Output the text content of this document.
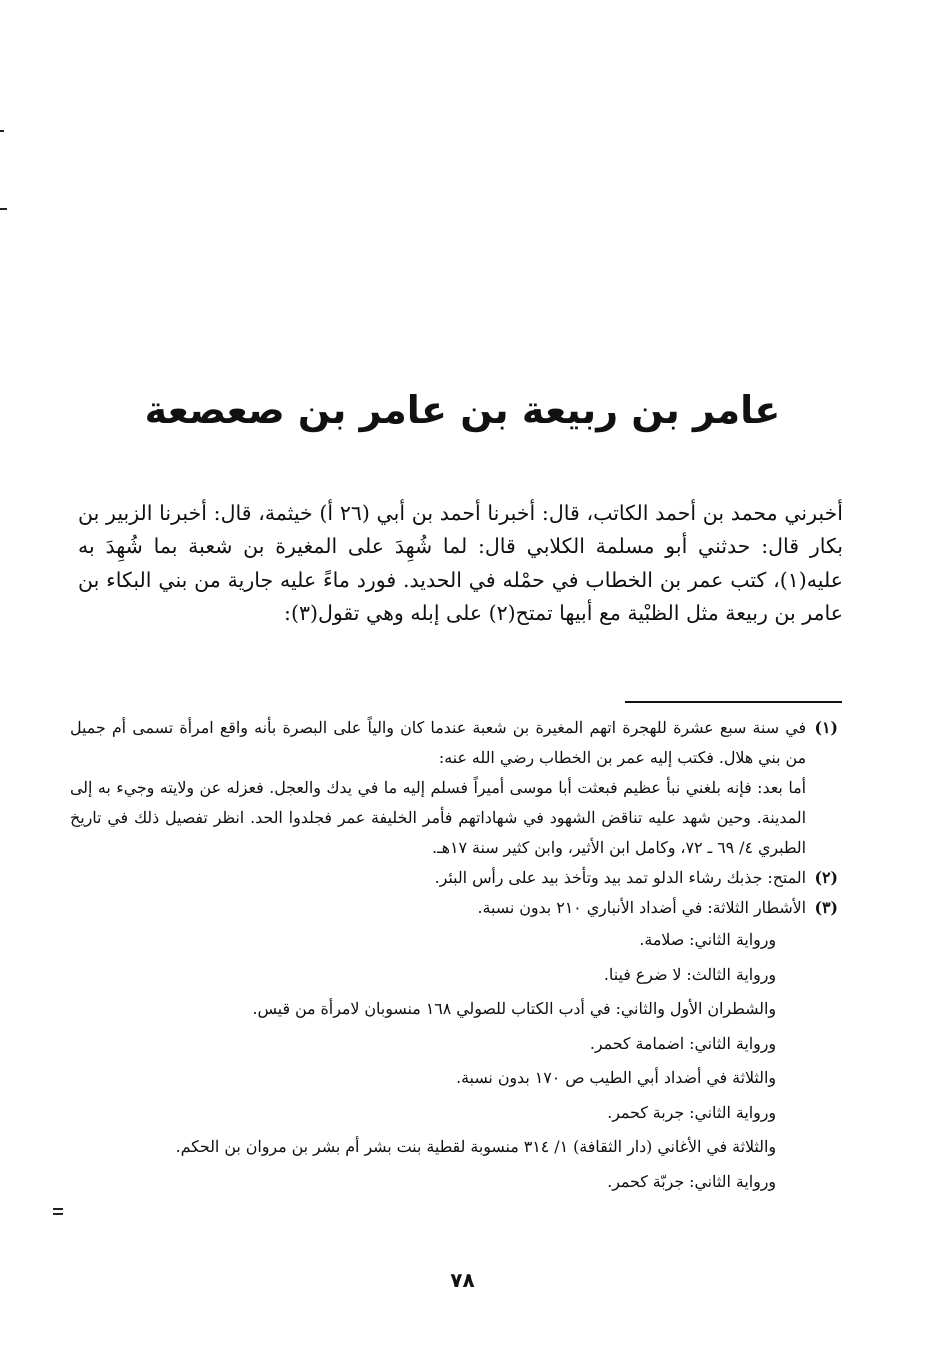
عامر بن ربيعة بن عامر بن صعصعة

أخبرني محمد بن أحمد الكاتب، قال: أخبرنا أحمد بن أبي (٢٦ أ) خيثمة، قال: أخبرنا الزبير بن بكار قال: حدثني أبو مسلمة الكلابي قال: لما شُهِدَ على المغيرة بن شعبة بما شُهِدَ به عليه(١)، كتب عمر بن الخطاب في حمْله في الحديد. فورد ماءً عليه جارية من بني البكاء بن عامر بن ربيعة مثل الظبْية مع أبيها تمتح(٢) على إبله وهي تقول(٣):

(١)
في سنة سبع عشرة للهجرة اتهم المغيرة بن شعبة عندما كان والياً على البصرة بأنه واقع امرأة تسمى أم جميل من بني هلال. فكتب إليه عمر بن الخطاب رضي الله عنه:
أما بعد: فإنه بلغني نبأ عظيم فبعثت أبا موسى أميراً فسلم إليه ما في يدك والعجل. فعزله عن ولايته وجيء به إلى المدينة. وحين شهد عليه تناقض الشهود في شهاداتهم فأمر الخليفة عمر فجلدوا الحد. انظر تفصيل ذلك في تاريخ الطبري ٤/ ٦٩ ـ ٧٢، وكامل ابن الأثير، وابن كثير سنة ١٧هـ.
(٢)
المتح: جذبك رشاء الدلو تمد بيد وتأخذ بيد على رأس البئر.
(٣)
الأشطار الثلاثة: في أضداد الأنباري ٢١٠ بدون نسبة.
ورواية الثاني: صلامة.
ورواية الثالث: لا ضرع فينا.
والشطران الأول والثاني: في أدب الكتاب للصولي ١٦٨ منسوبان لامرأة من قيس.
ورواية الثاني: اضمامة كحمر.
والثلاثة في أضداد أبي الطيب ص ١٧٠ بدون نسبة.
ورواية الثاني: جربة كحمر.
والثلاثة في الأغاني (دار الثقافة) ١/ ٣١٤ منسوبة لقطية بنت بشر أم بشر بن مروان بن الحكم.
ورواية الثاني: جربّة كحمر.
٧٨
